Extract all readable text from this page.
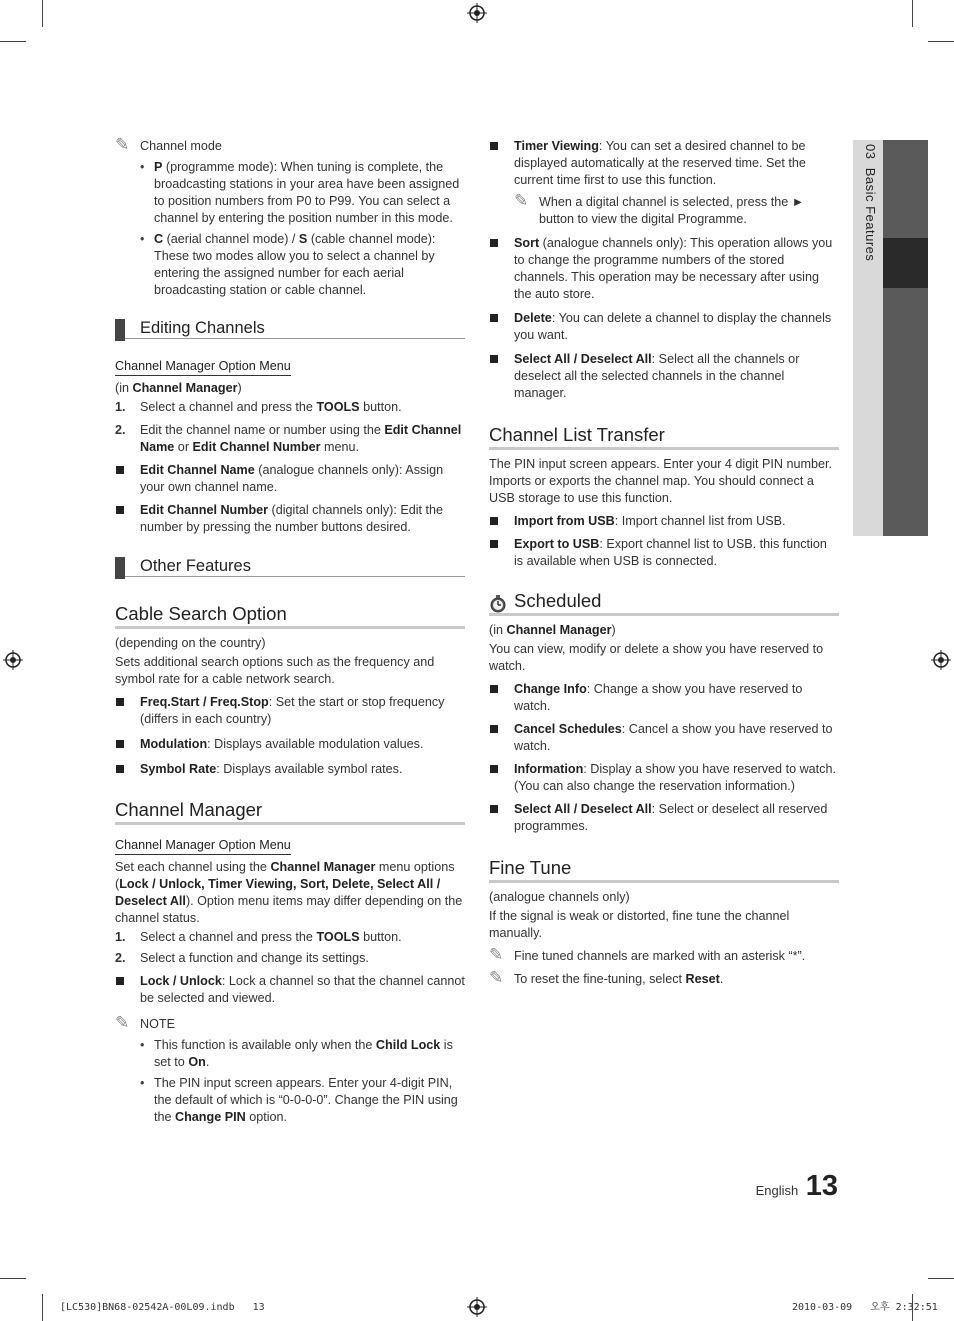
03  Basic Features
✎ Channel mode
• P (programme mode): When tuning is complete, the broadcasting stations in your area have been assigned to position numbers from P0 to P99. You can select a channel by entering the position number in this mode.
• C (aerial channel mode) / S (cable channel mode): These two modes allow you to select a channel by entering the assigned number for each aerial broadcasting station or cable channel.
Editing Channels
Channel Manager Option Menu
(in Channel Manager)
1. Select a channel and press the TOOLS button.
2. Edit the channel name or number using the Edit Channel Name or Edit Channel Number menu.
Edit Channel Name (analogue channels only): Assign your own channel name.
Edit Channel Number (digital channels only): Edit the number by pressing the number buttons desired.
Other Features
Cable Search Option
(depending on the country)
Sets additional search options such as the frequency and symbol rate for a cable network search.
Freq.Start / Freq.Stop: Set the start or stop frequency (differs in each country)
Modulation: Displays available modulation values.
Symbol Rate: Displays available symbol rates.
Channel Manager
Channel Manager Option Menu
Set each channel using the Channel Manager menu options (Lock / Unlock, Timer Viewing, Sort, Delete, Select All / Deselect All). Option menu items may differ depending on the channel status.
1. Select a channel and press the TOOLS button.
2. Select a function and change its settings.
Lock / Unlock: Lock a channel so that the channel cannot be selected and viewed.
✎ NOTE
• This function is available only when the Child Lock is set to On.
• The PIN input screen appears. Enter your 4-digit PIN, the default of which is “0-0-0-0”. Change the PIN using the Change PIN option.
Timer Viewing: You can set a desired channel to be displayed automatically at the reserved time. Set the current time first to use this function.
✎ When a digital channel is selected, press the ► button to view the digital Programme.
Sort (analogue channels only): This operation allows you to change the programme numbers of the stored channels. This operation may be necessary after using the auto store.
Delete: You can delete a channel to display the channels you want.
Select All / Deselect All: Select all the channels or deselect all the selected channels in the channel manager.
Channel List Transfer
The PIN input screen appears. Enter your 4 digit PIN number. Imports or exports the channel map. You should connect a USB storage to use this function.
Import from USB: Import channel list from USB.
Export to USB: Export channel list to USB. this function is available when USB is connected.
Scheduled
(in Channel Manager)
You can view, modify or delete a show you have reserved to watch.
Change Info: Change a show you have reserved to watch.
Cancel Schedules: Cancel a show you have reserved to watch.
Information: Display a show you have reserved to watch. (You can also change the reservation information.)
Select All / Deselect All: Select or deselect all reserved programmes.
Fine Tune
(analogue channels only)
If the signal is weak or distorted, fine tune the channel manually.
✎ Fine tuned channels are marked with an asterisk “*”.
✎ To reset the fine-tuning, select Reset.
English 13
[LC530]BN68-02542A-00L09.indb   13	2010-03-09   오후 2:32:51
